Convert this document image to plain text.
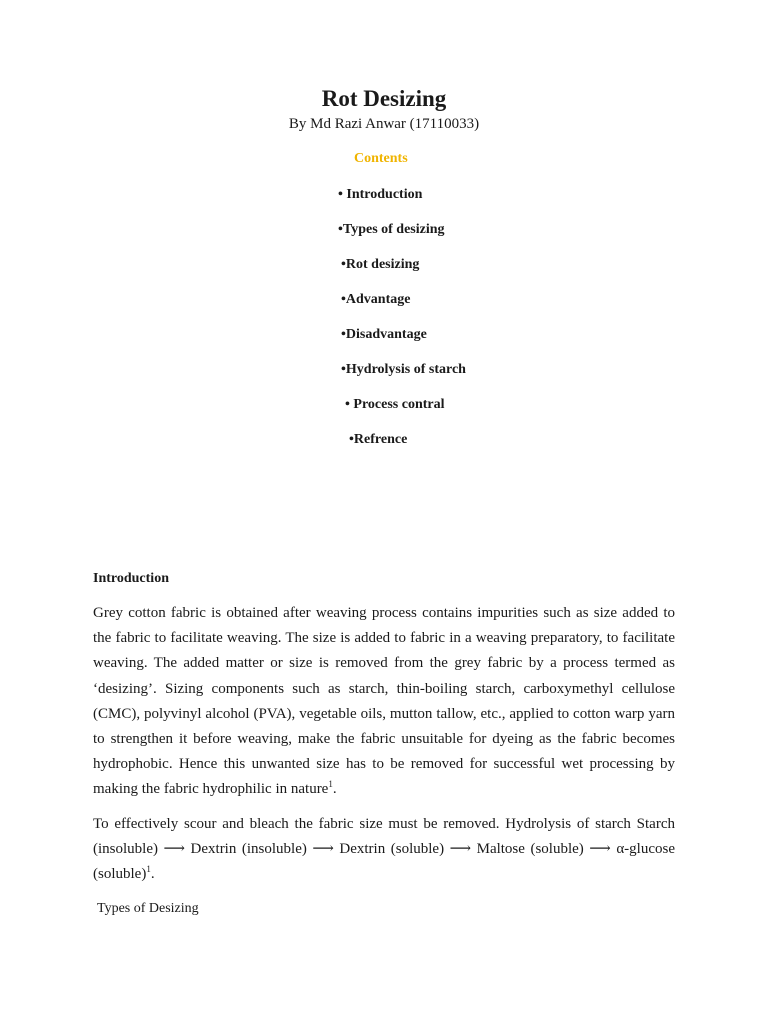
Rot Desizing

By Md Razi Anwar (17110033)

Contents

• Introduction

•Types of desizing

•Rot desizing

•Advantage

•Disadvantage

•Hydrolysis of starch

• Process contral

•Refrence

Introduction

Grey cotton fabric is obtained after weaving process contains impurities such as size added to the fabric to facilitate weaving. The size is added to fabric in a weaving preparatory, to facilitate weaving. The added matter or size is removed from the grey fabric by a process termed as ‘desizing’. Sizing components such as starch, thin-boiling starch, carboxymethyl cellulose (CMC), polyvinyl alcohol (PVA), vegetable oils, mutton tallow, etc., applied to cotton warp yarn to strengthen it before weaving, make the fabric unsuitable for dyeing as the fabric becomes hydrophobic. Hence this unwanted size has to be removed for successful wet processing by making the fabric hydrophilic in nature$^1$.

To effectively scour and bleach the fabric size must be removed. Hydrolysis of starch Starch (insoluble) ⟶ Dextrin (insoluble) ⟶ Dextrin (soluble) ⟶ Maltose (soluble) ⟶ α-glucose (soluble)$^1$.

Types of Desizing
